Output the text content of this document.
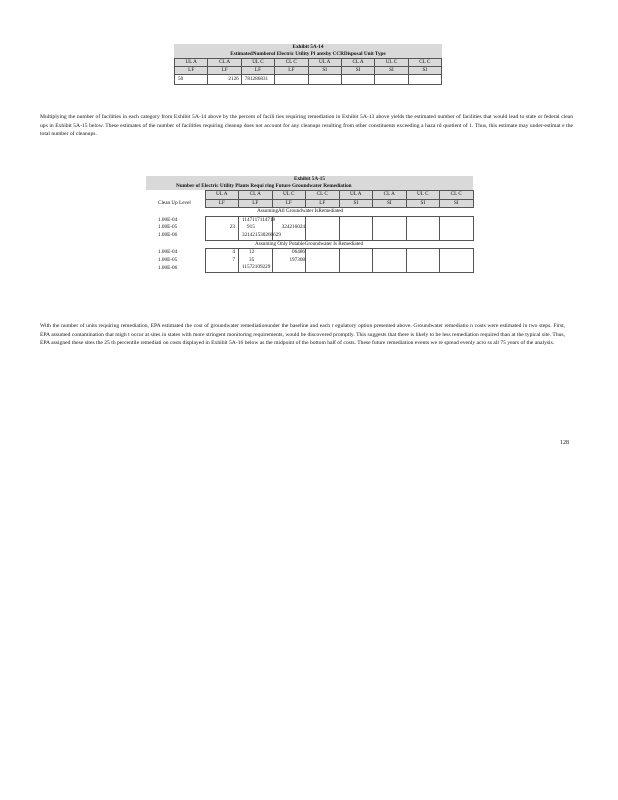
Exhibit 5A-14
EstimatedNumberof Electric Utility Pl antsby CCRDisposal Unit Type
UL A	CL A	UL C	CL C	UL A	CL A	UL C	CL C
LF	LF	LF	LF	SI	SI	SI	SI
50	2126	781286831					
Multiplying the number of facilities in each category from Exhibit 5A-14 above by the percent of facili ties requiring remediation in Exhibit 5A-13 above yields the estimated number of facilities that would lead to state or federal clean ups in Exhibit 5A-15 below. These estimates of the number of facilities requiring cleanup does not account for any cleanups resulting from other constituents exceeding a haza rd quotient of 1. Thus, this estimate may under-estimat e the total number of cleanups.
Exhibit 5A-15
Number of Electric Utility Plants Requi ring Future Groundwater Remediation
	UL A	CL A	UL C	CL C	UL A	CL A	UL C	CL C
Clean Up Level	LF	LF	LF	LF	SI	SI	SI	SI
	AssumingAll Groundwater IsRemediated							
1.00E-04		1147117114718						
1.00E-05	23	915	324216024					
1.00E-06		321421530266629						
	Assuming Only PotableGroundwater Is Remediated							
1.00E-04	4	12	06486					
1.00E-05	7	35	197308					
1.00E-06		11572109229						
With the number of units requiring remediation, EPA estimated the cost of groundwater remediationunder the baseline and each r egulatory option presented above. Groundwater remediatio n costs were estimated in two steps. First, EPA assumed contamination that migh t occur at sites in states with more stringent monitoring requirements, would be discovered promptly. This suggests that there is likely to be less remediation required than at the typical site. Thus, EPA assigned these sites the 25 th percentile remediati on costs displayed in Exhibit 5A-16 below as the midpoint of the bottom half of costs. These future remediation events we re spread evenly acro ss all 75 years of the analysis.
128
